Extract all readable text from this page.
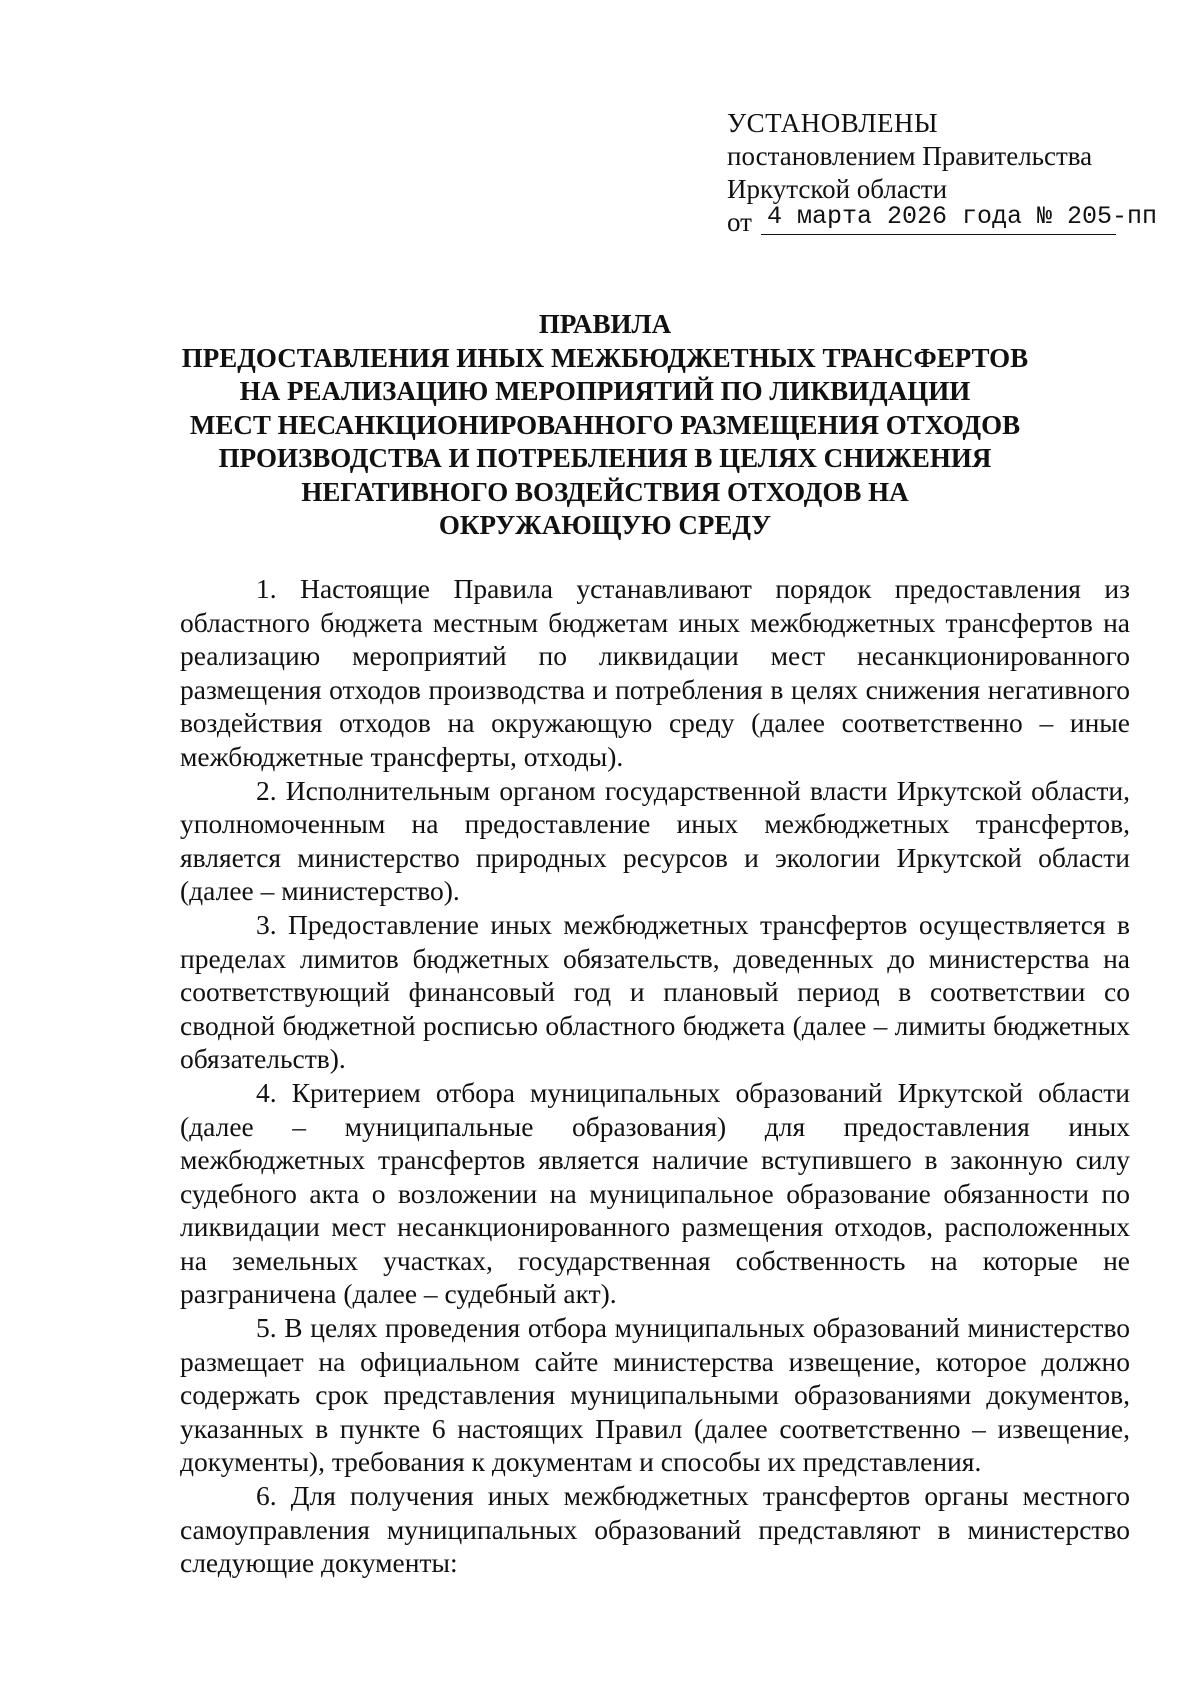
УСТАНОВЛЕНЫ
постановлением Правительства
Иркутской области
от 4 марта 2026 года № 205-пп
ПРАВИЛА
ПРЕДОСТАВЛЕНИЯ ИНЫХ МЕЖБЮДЖЕТНЫХ ТРАНСФЕРТОВ
НА РЕАЛИЗАЦИЮ МЕРОПРИЯТИЙ ПО ЛИКВИДАЦИИ
МЕСТ НЕСАНКЦИОНИРОВАННОГО РАЗМЕЩЕНИЯ ОТХОДОВ
ПРОИЗВОДСТВА И ПОТРЕБЛЕНИЯ В ЦЕЛЯХ СНИЖЕНИЯ
НЕГАТИВНОГО ВОЗДЕЙСТВИЯ ОТХОДОВ НА
ОКРУЖАЮЩУЮ СРЕДУ

1. Настоящие Правила устанавливают порядок предоставления из областного бюджета местным бюджетам иных межбюджетных трансфертов на реализацию мероприятий по ликвидации мест несанкционированного размещения отходов производства и потребления в целях снижения негативного воздействия отходов на окружающую среду (далее соответственно – иные межбюджетные трансферты, отходы).

2. Исполнительным органом государственной власти Иркутской области, уполномоченным на предоставление иных межбюджетных трансфертов, является министерство природных ресурсов и экологии Иркутской области (далее – министерство).

3. Предоставление иных межбюджетных трансфертов осуществляется в пределах лимитов бюджетных обязательств, доведенных до министерства на соответствующий финансовый год и плановый период в соответствии со сводной бюджетной росписью областного бюджета (далее – лимиты бюджетных обязательств).

4. Критерием отбора муниципальных образований Иркутской области (далее – муниципальные образования) для предоставления иных межбюджетных трансфертов является наличие вступившего в законную силу судебного акта о возложении на муниципальное образование обязанности по ликвидации мест несанкционированного размещения отходов, расположенных на земельных участках, государственная собственность на которые не разграничена (далее – судебный акт).

5. В целях проведения отбора муниципальных образований министерство размещает на официальном сайте министерства извещение, которое должно содержать срок представления муниципальными образованиями документов, указанных в пункте 6 настоящих Правил (далее соответственно – извещение, документы), требования к документам и способы их представления.

6. Для получения иных межбюджетных трансфертов органы местного самоуправления муниципальных образований представляют в министерство следующие документы:
